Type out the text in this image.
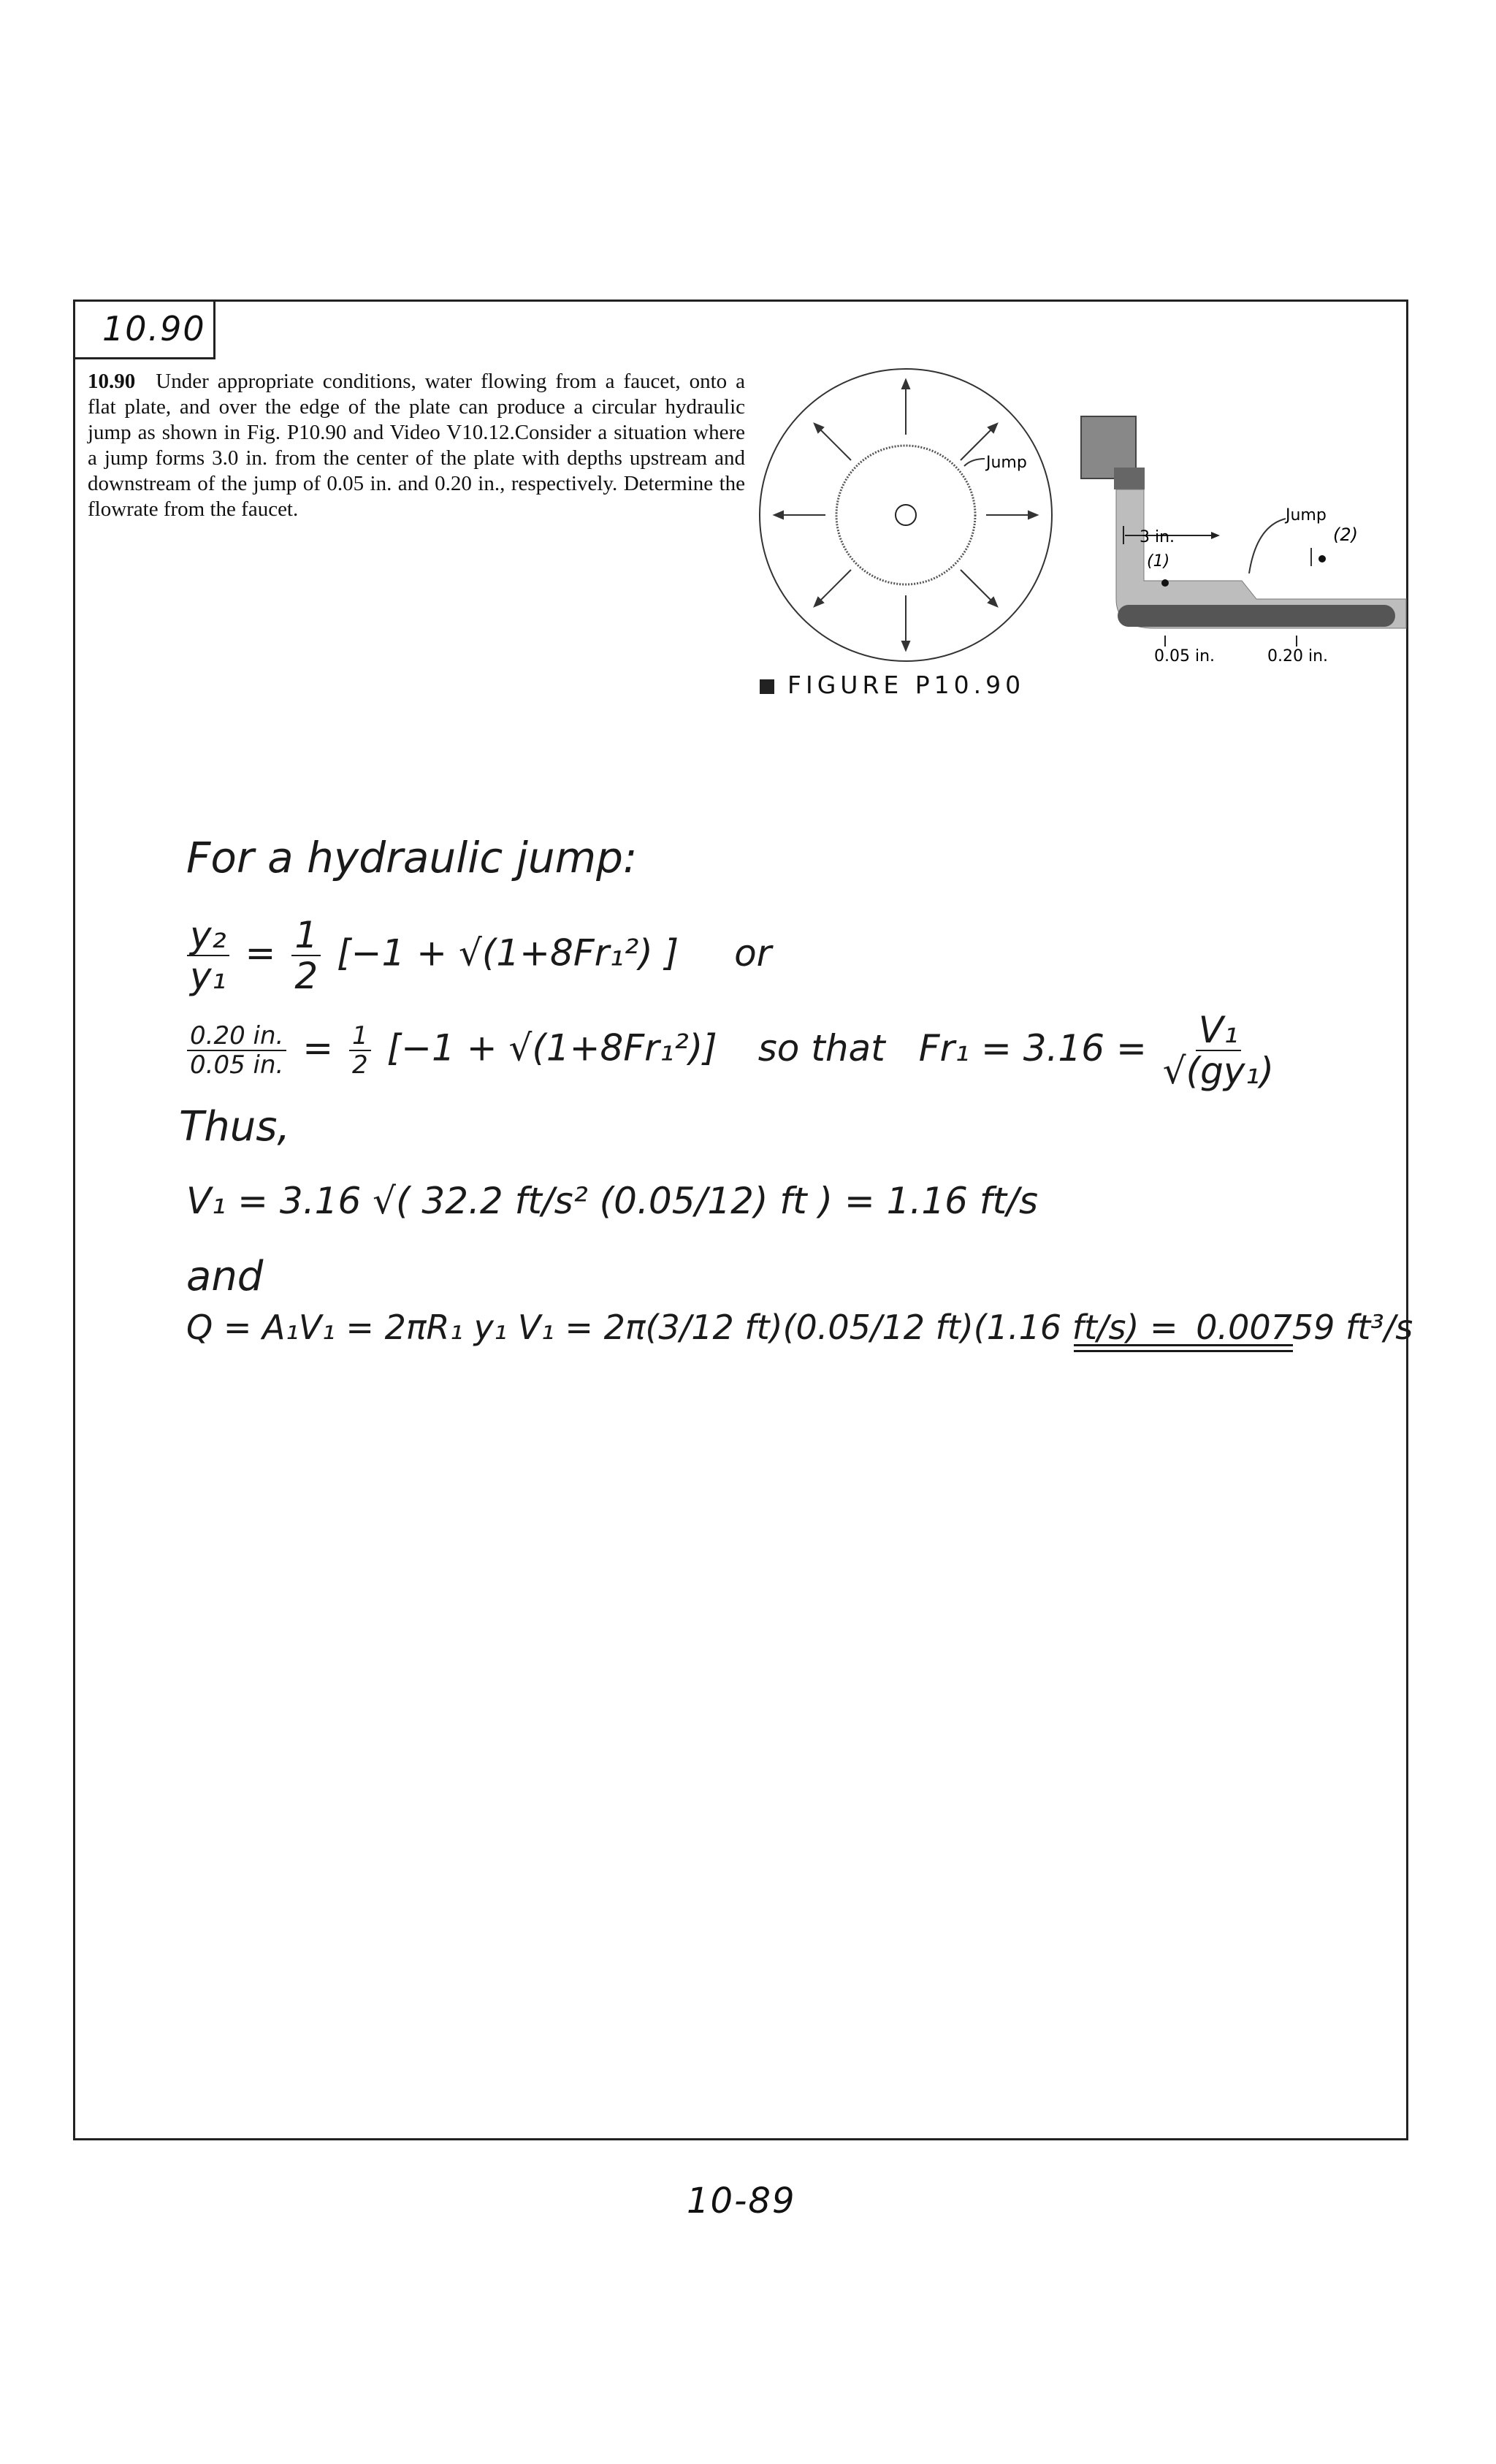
10.90
10.90 Under appropriate conditions, water flowing from a faucet, onto a flat plate, and over the edge of the plate can produce a circular hydraulic jump as shown in Fig. P10.90 and Video V10.12.Consider a situation where a jump forms 3.0 in. from the center of the plate with depths upstream and downstream of the jump of 0.05 in. and 0.20 in., respectively. Determine the flowrate from the faucet.
Jump
3 in.
(1)
(2)
Jump
0.05 in.	0.20 in.
FIGURE P10.90
For a hydraulic jump:
$\frac{\text{y₂}}{\text{y₁}} = \frac{1}{2} [-1 + √(1+8Fr_1^2)$ ] or
$\frac{0.20 in.}{0.05 in.} = \frac{1}{2} [-1 + √(1+8Fr_1^2)]$ so that $Fr_1 = 3.16 = \frac{\text{V₁}}{\text{√(gy₁)}}$
Thus,
V₁ = 3.16 √( 32.2 ft/s² (0.05/12) ft ) = 1.16 ft/s
and
Q = A₁V₁ = 2πR₁ y₁ V₁ = 2π(3/12 ft)(0.05/12 ft)(1.16 ft/s) = 0.00759 ft³/s
10-89
